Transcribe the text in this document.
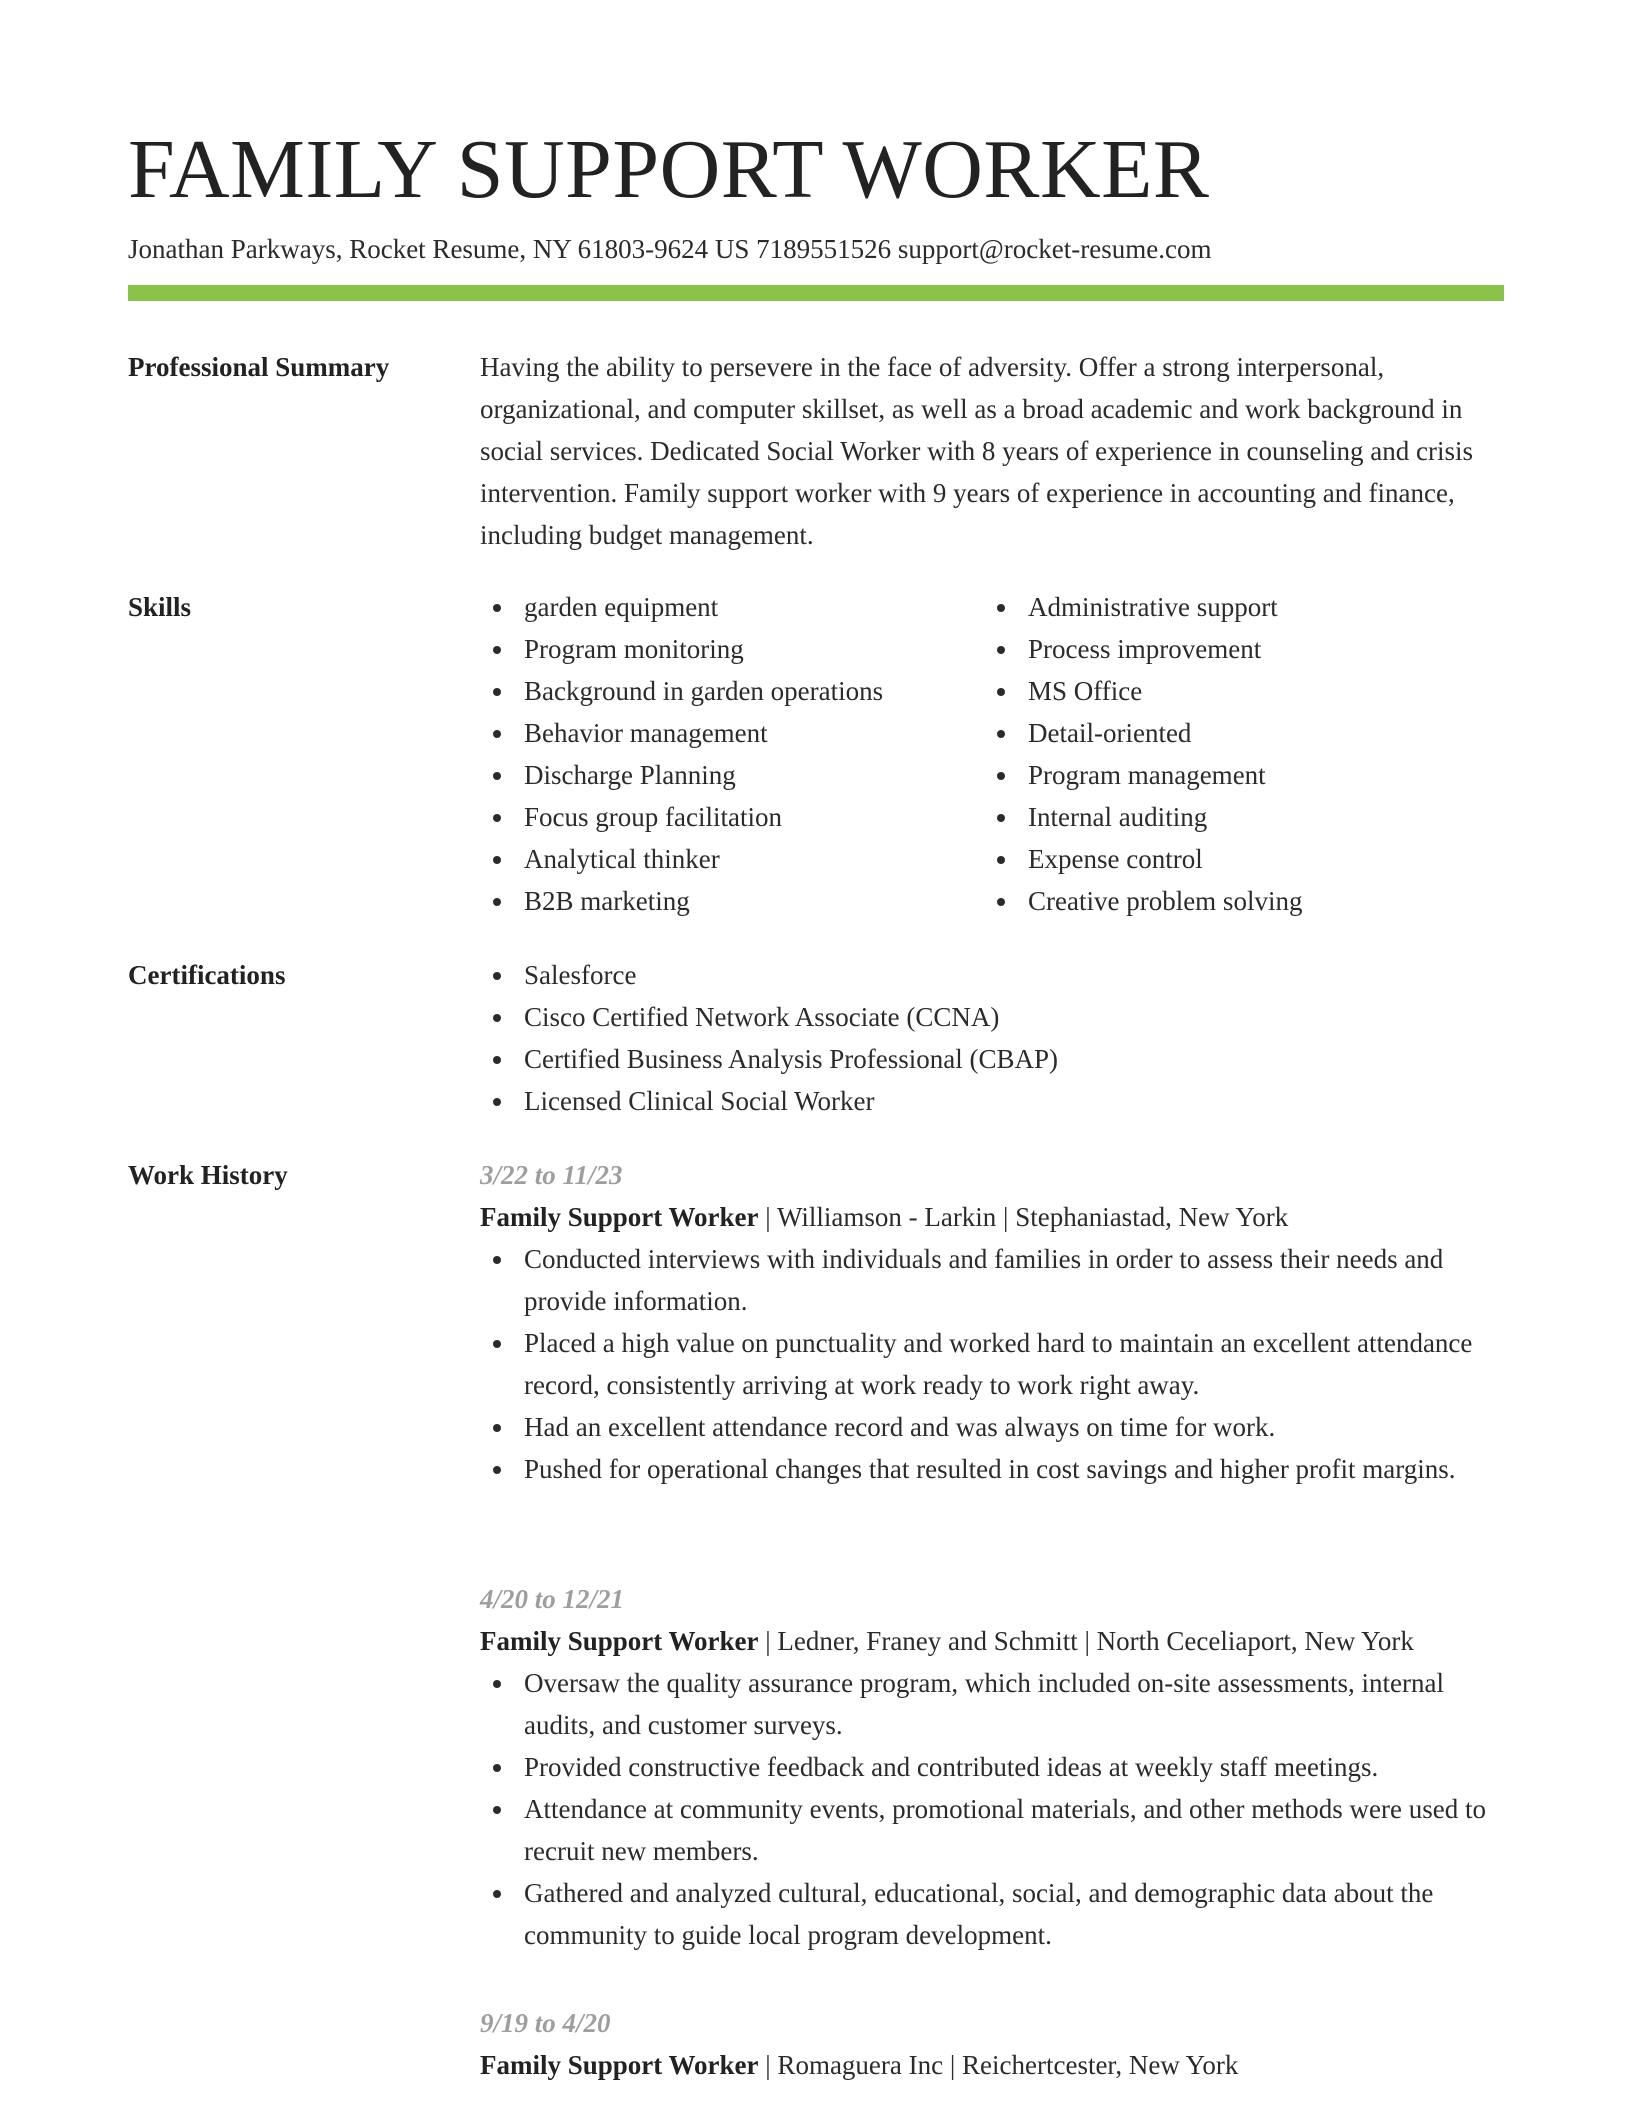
FAMILY SUPPORT WORKER
Jonathan Parkways, Rocket Resume, NY 61803-9624 US 7189551526 support@rocket-resume.com
Professional Summary	Having the ability to persevere in the face of adversity. Offer a strong interpersonal, organizational, and computer skillset, as well as a broad academic and work background in social services. Dedicated Social Worker with 8 years of experience in counseling and crisis intervention. Family support worker with 9 years of experience in accounting and finance, including budget management.

Skills	garden equipment
Program monitoring
Background in garden operations
Behavior management
Discharge Planning
Focus group facilitation
Analytical thinker
B2B marketing
Administrative support
Process improvement
MS Office
Detail-oriented
Program management
Internal auditing
Expense control
Creative problem solving
Certifications	Salesforce
Cisco Certified Network Associate (CCNA)
Certified Business Analysis Professional (CBAP)
Licensed Clinical Social Worker
Work History	3/22 to 11/23
Family Support Worker | Williamson - Larkin | Stephaniastad, New York
Conducted interviews with individuals and families in order to assess their needs and provide information.
Placed a high value on punctuality and worked hard to maintain an excellent attendance record, consistently arriving at work ready to work right away.
Had an excellent attendance record and was always on time for work.
Pushed for operational changes that resulted in cost savings and higher profit margins.
4/20 to 12/21
Family Support Worker | Ledner, Franey and Schmitt | North Ceceliaport, New York
Oversaw the quality assurance program, which included on-site assessments, internal audits, and customer surveys.
Provided constructive feedback and contributed ideas at weekly staff meetings.
Attendance at community events, promotional materials, and other methods were used to recruit new members.
Gathered and analyzed cultural, educational, social, and demographic data about the community to guide local program development.
9/19 to 4/20
Family Support Worker | Romaguera Inc | Reichertcester, New York
